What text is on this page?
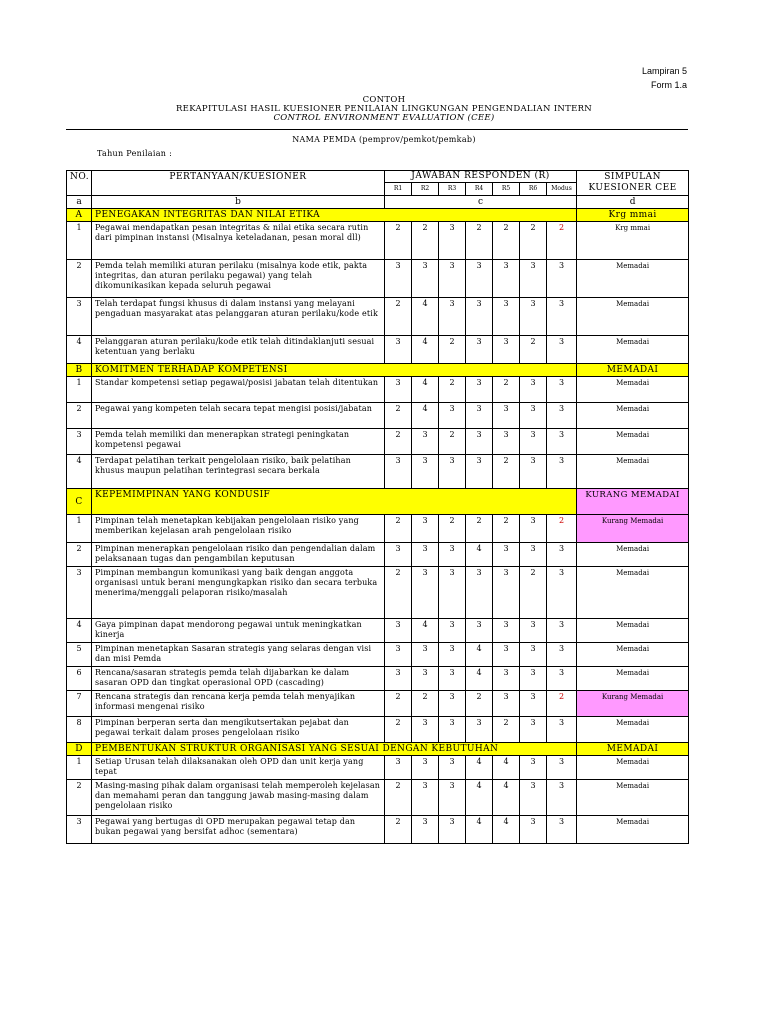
Lampiran 5
Form 1.a
CONTOH
REKAPITULASI HASIL KUESIONER PENILAIAN LINGKUNGAN PENGENDALIAN INTERN
CONTROL ENVIRONMENT EVALUATION (CEE)
NAMA PEMDA (pemprov/pemkot/pemkab)
Tahun Penilaian :
NO.	PERTANYAAN/KUESIONER	JAWABAN RESPONDEN (R)							SIMPULAN KUESIONER CEE
		R1	R2	R3	R4	R5	R6	Modus	
a	b	c							d
A	PENEGAKAN INTEGRITAS DAN NILAI ETIKA								Krg mmai
1	Pegawai mendapatkan pesan integritas & nilai etika secara rutin dari pimpinan instansi (Misalnya keteladanan, pesan moral dll)	2	2	3	2	2	2	2	Krg mmai
2	Pemda telah memiliki aturan perilaku (misalnya kode etik, pakta integritas, dan aturan perilaku pegawai) yang telah dikomunikasikan kepada seluruh pegawai	3	3	3	3	3	3	3	Memadai
3	Telah terdapat fungsi khusus di dalam instansi yang melayani pengaduan masyarakat atas pelanggaran aturan perilaku/kode etik	2	4	3	3	3	3	3	Memadai
4	Pelanggaran aturan perilaku/kode etik telah ditindaklanjuti sesuai ketentuan yang berlaku	3	4	2	3	3	2	3	Memadai
B	KOMITMEN TERHADAP KOMPETENSI								MEMADAI
1	Standar kompetensi setiap pegawai/posisi jabatan telah ditentukan	3	4	2	3	2	3	3	Memadai
2	Pegawai yang kompeten telah secara tepat mengisi posisi/jabatan	2	4	3	3	3	3	3	Memadai
3	Pemda telah memiliki dan menerapkan strategi peningkatan kompetensi pegawai	2	3	2	3	3	3	3	Memadai
4	Terdapat pelatihan terkait pengelolaan risiko, baik pelatihan khusus maupun pelatihan terintegrasi secara berkala	3	3	3	3	2	3	3	Memadai
C	KEPEMIMPINAN YANG KONDUSIF								KURANG MEMADAI
1	Pimpinan telah menetapkan kebijakan pengelolaan risiko yang memberikan kejelasan arah pengelolaan risiko	2	3	2	2	2	3	2	Kurang Memadai
2	Pimpinan menerapkan pengelolaan risiko dan pengendalian dalam pelaksanaan tugas dan pengambilan keputusan	3	3	3	4	3	3	3	Memadai
3	Pimpinan membangun komunikasi yang baik dengan anggota organisasi untuk berani mengungkapkan risiko dan secara terbuka menerima/menggali pelaporan risiko/masalah	2	3	3	3	3	2	3	Memadai
4	Gaya pimpinan dapat mendorong pegawai untuk meningkatkan kinerja	3	4	3	3	3	3	3	Memadai
5	Pimpinan menetapkan Sasaran strategis yang selaras dengan visi dan misi Pemda	3	3	3	4	3	3	3	Memadai
6	Rencana/sasaran strategis pemda telah dijabarkan ke dalam sasaran OPD dan tingkat operasional OPD (cascading)	3	3	3	4	3	3	3	Memadai
7	Rencana strategis dan rencana kerja pemda telah menyajikan informasi mengenai risiko	2	2	3	2	3	3	2	Kurang Memadai
8	Pimpinan berperan serta dan mengikutsertakan pejabat dan pegawai terkait dalam proses pengelolaan risiko	2	3	3	3	2	3	3	Memadai
D	PEMBENTUKAN STRUKTUR ORGANISASI YANG SESUAI DENGAN KEBUTUHAN								MEMADAI
1	Setiap Urusan telah dilaksanakan oleh OPD dan unit kerja yang tepat	3	3	3	4	4	3	3	Memadai
2	Masing-masing pihak dalam organisasi telah memperoleh kejelasan dan memahami peran dan tanggung jawab masing-masing dalam pengelolaan risiko	2	3	3	4	4	3	3	Memadai
3	Pegawai yang bertugas di OPD merupakan pegawai tetap dan bukan pegawai yang bersifat adhoc (sementara)	2	3	3	4	4	3	3	Memadai
